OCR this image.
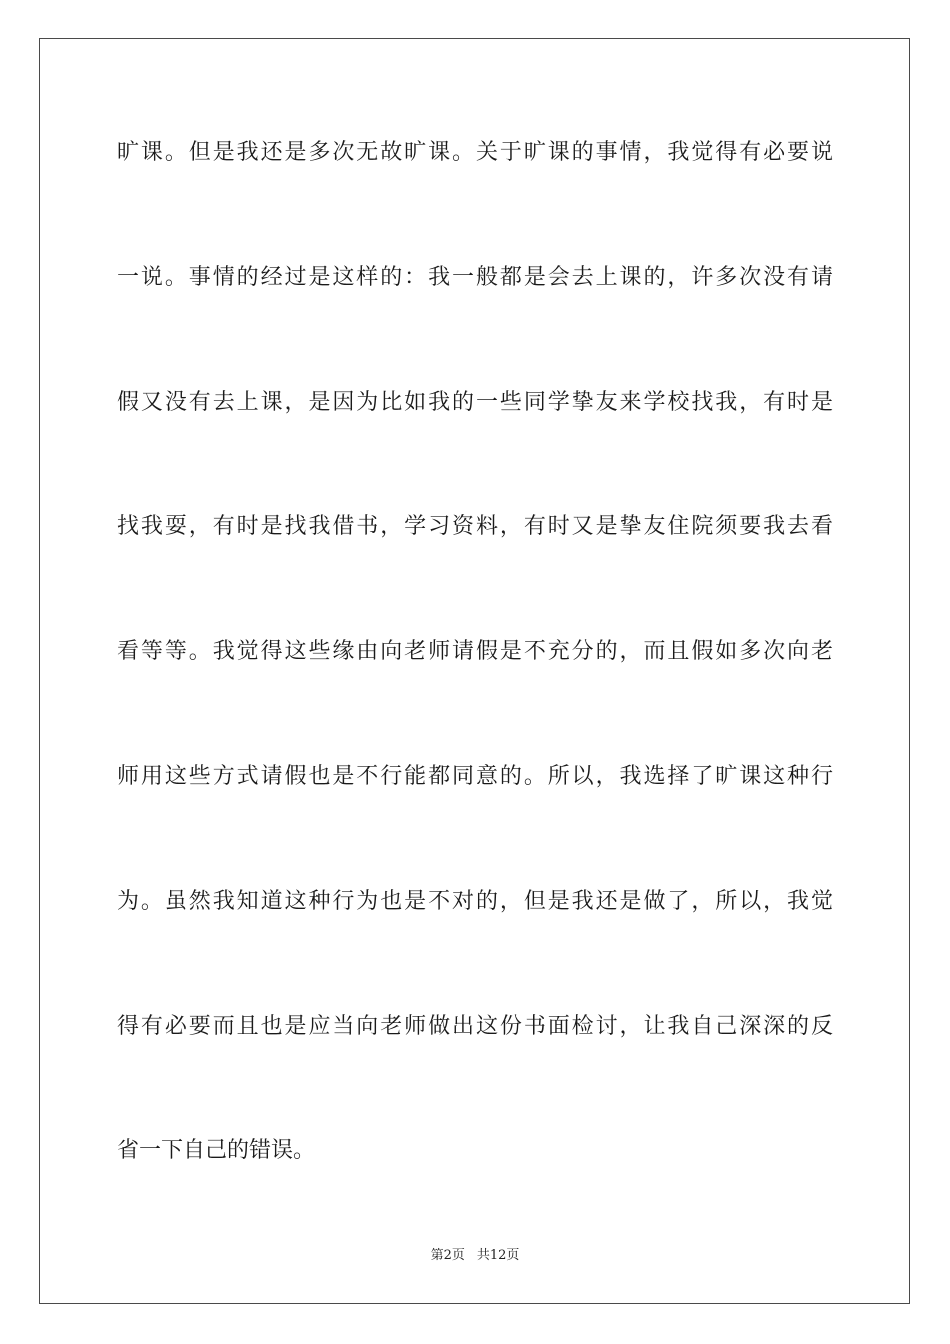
旷课。但是我还是多次无故旷课。关于旷课的事情，我觉得有必要说
一说。事情的经过是这样的：我一般都是会去上课的，许多次没有请
假又没有去上课，是因为比如我的一些同学挚友来学校找我，有时是
找我耍，有时是找我借书，学习资料，有时又是挚友住院须要我去看
看等等。我觉得这些缘由向老师请假是不充分的，而且假如多次向老
师用这些方式请假也是不行能都同意的。所以，我选择了旷课这种行
为。虽然我知道这种行为也是不对的，但是我还是做了，所以，我觉
得有必要而且也是应当向老师做出这份书面检讨，让我自己深深的反
省一下自己的错误。
第2页 共12页
